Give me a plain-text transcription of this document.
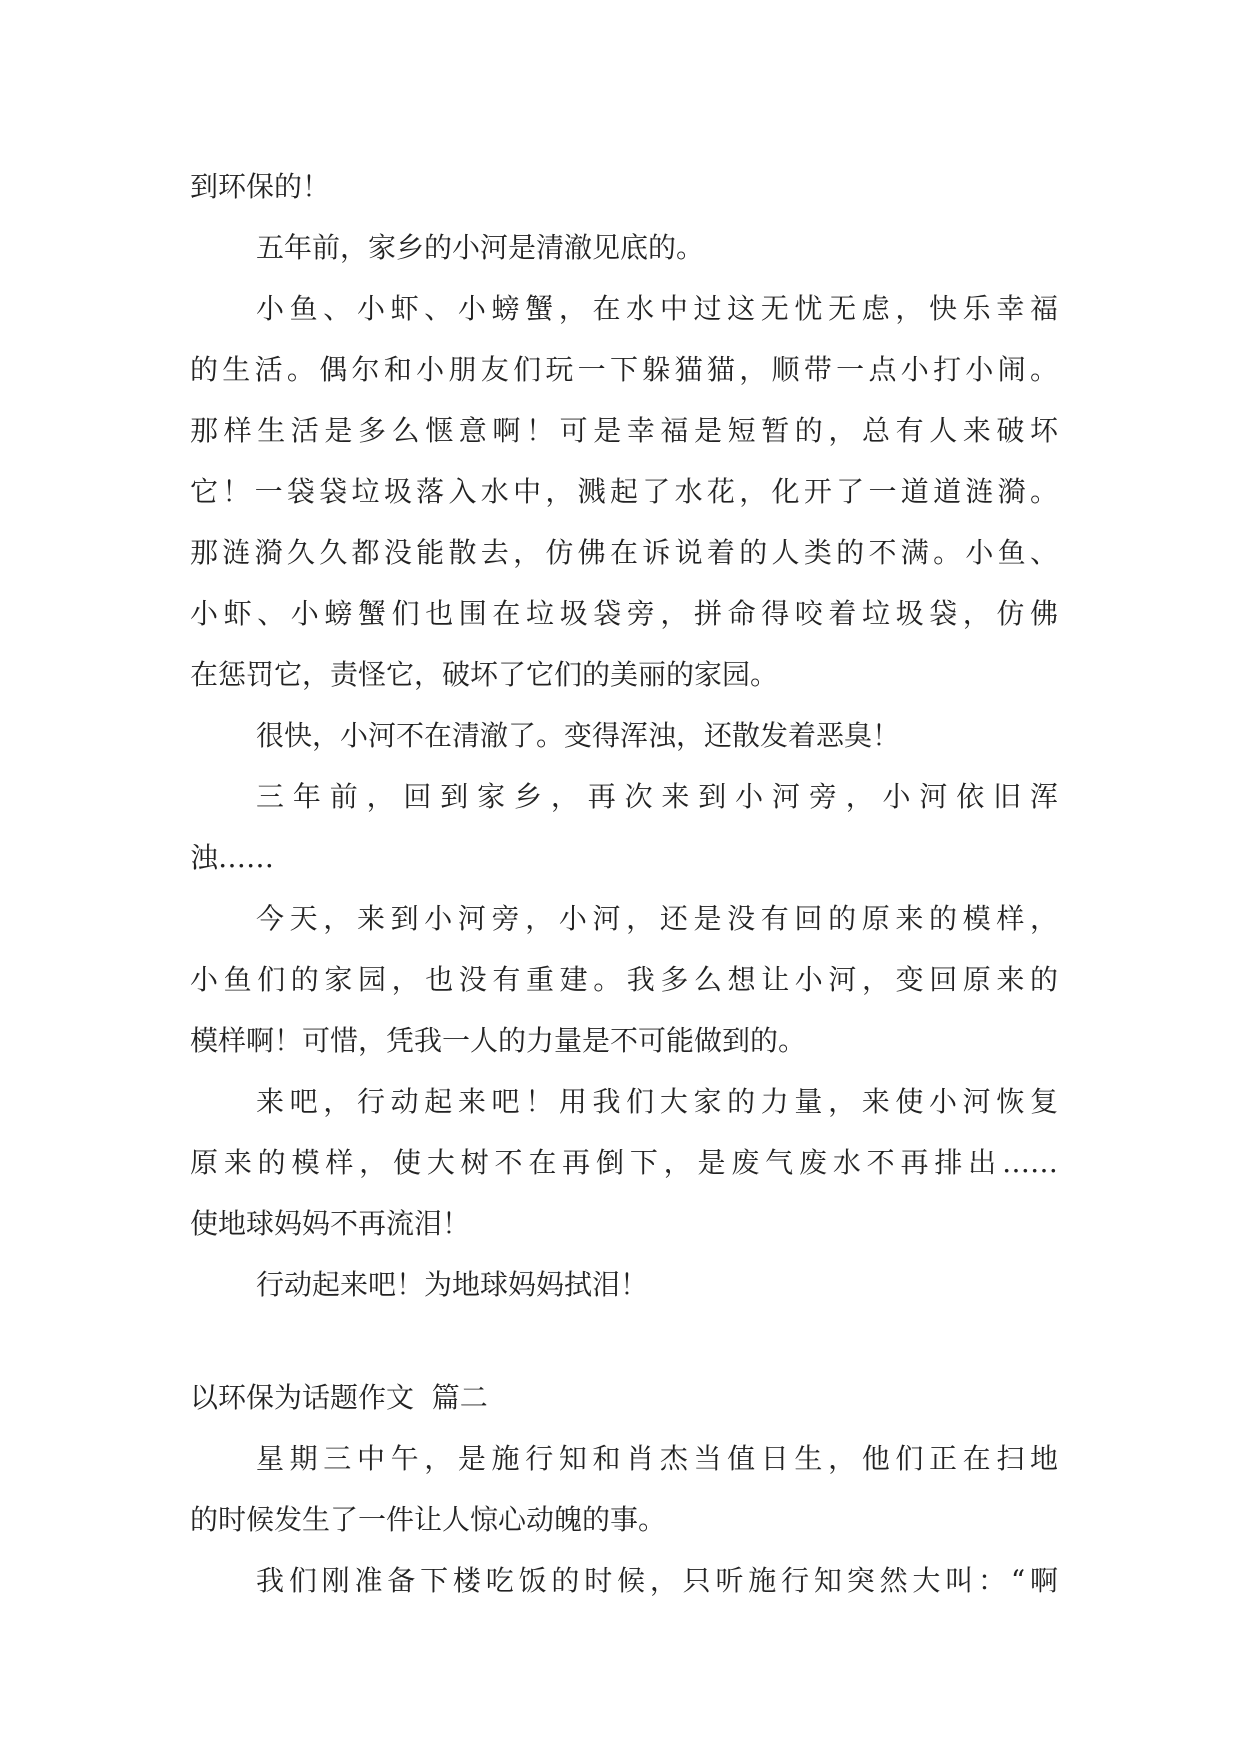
到环保的！
五年前，家乡的小河是清澈见底的。
小鱼、小虾、小螃蟹，在水中过这无忧无虑，快乐幸福
的生活。偶尔和小朋友们玩一下躲猫猫，顺带一点小打小闹。
那样生活是多么惬意啊！可是幸福是短暂的，总有人来破坏
它！一袋袋垃圾落入水中，溅起了水花，化开了一道道涟漪。
那涟漪久久都没能散去，仿佛在诉说着的人类的不满。小鱼、
小虾、小螃蟹们也围在垃圾袋旁，拼命得咬着垃圾袋，仿佛
在惩罚它，责怪它，破坏了它们的美丽的家园。
很快，小河不在清澈了。变得浑浊，还散发着恶臭！
三年前，回到家乡，再次来到小河旁，小河依旧浑
浊……
今天，来到小河旁，小河，还是没有回的原来的模样，
小鱼们的家园，也没有重建。我多么想让小河，变回原来的
模样啊！可惜，凭我一人的力量是不可能做到的。
来吧，行动起来吧！用我们大家的力量，来使小河恢复
原来的模样，使大树不在再倒下，是废气废水不再排出……
使地球妈妈不再流泪！
行动起来吧！为地球妈妈拭泪！
以环保为话题作文  篇二
星期三中午，是施行知和肖杰当值日生，他们正在扫地
的时候发生了一件让人惊心动魄的事。
我们刚准备下楼吃饭的时候，只听施行知突然大叫：“啊
